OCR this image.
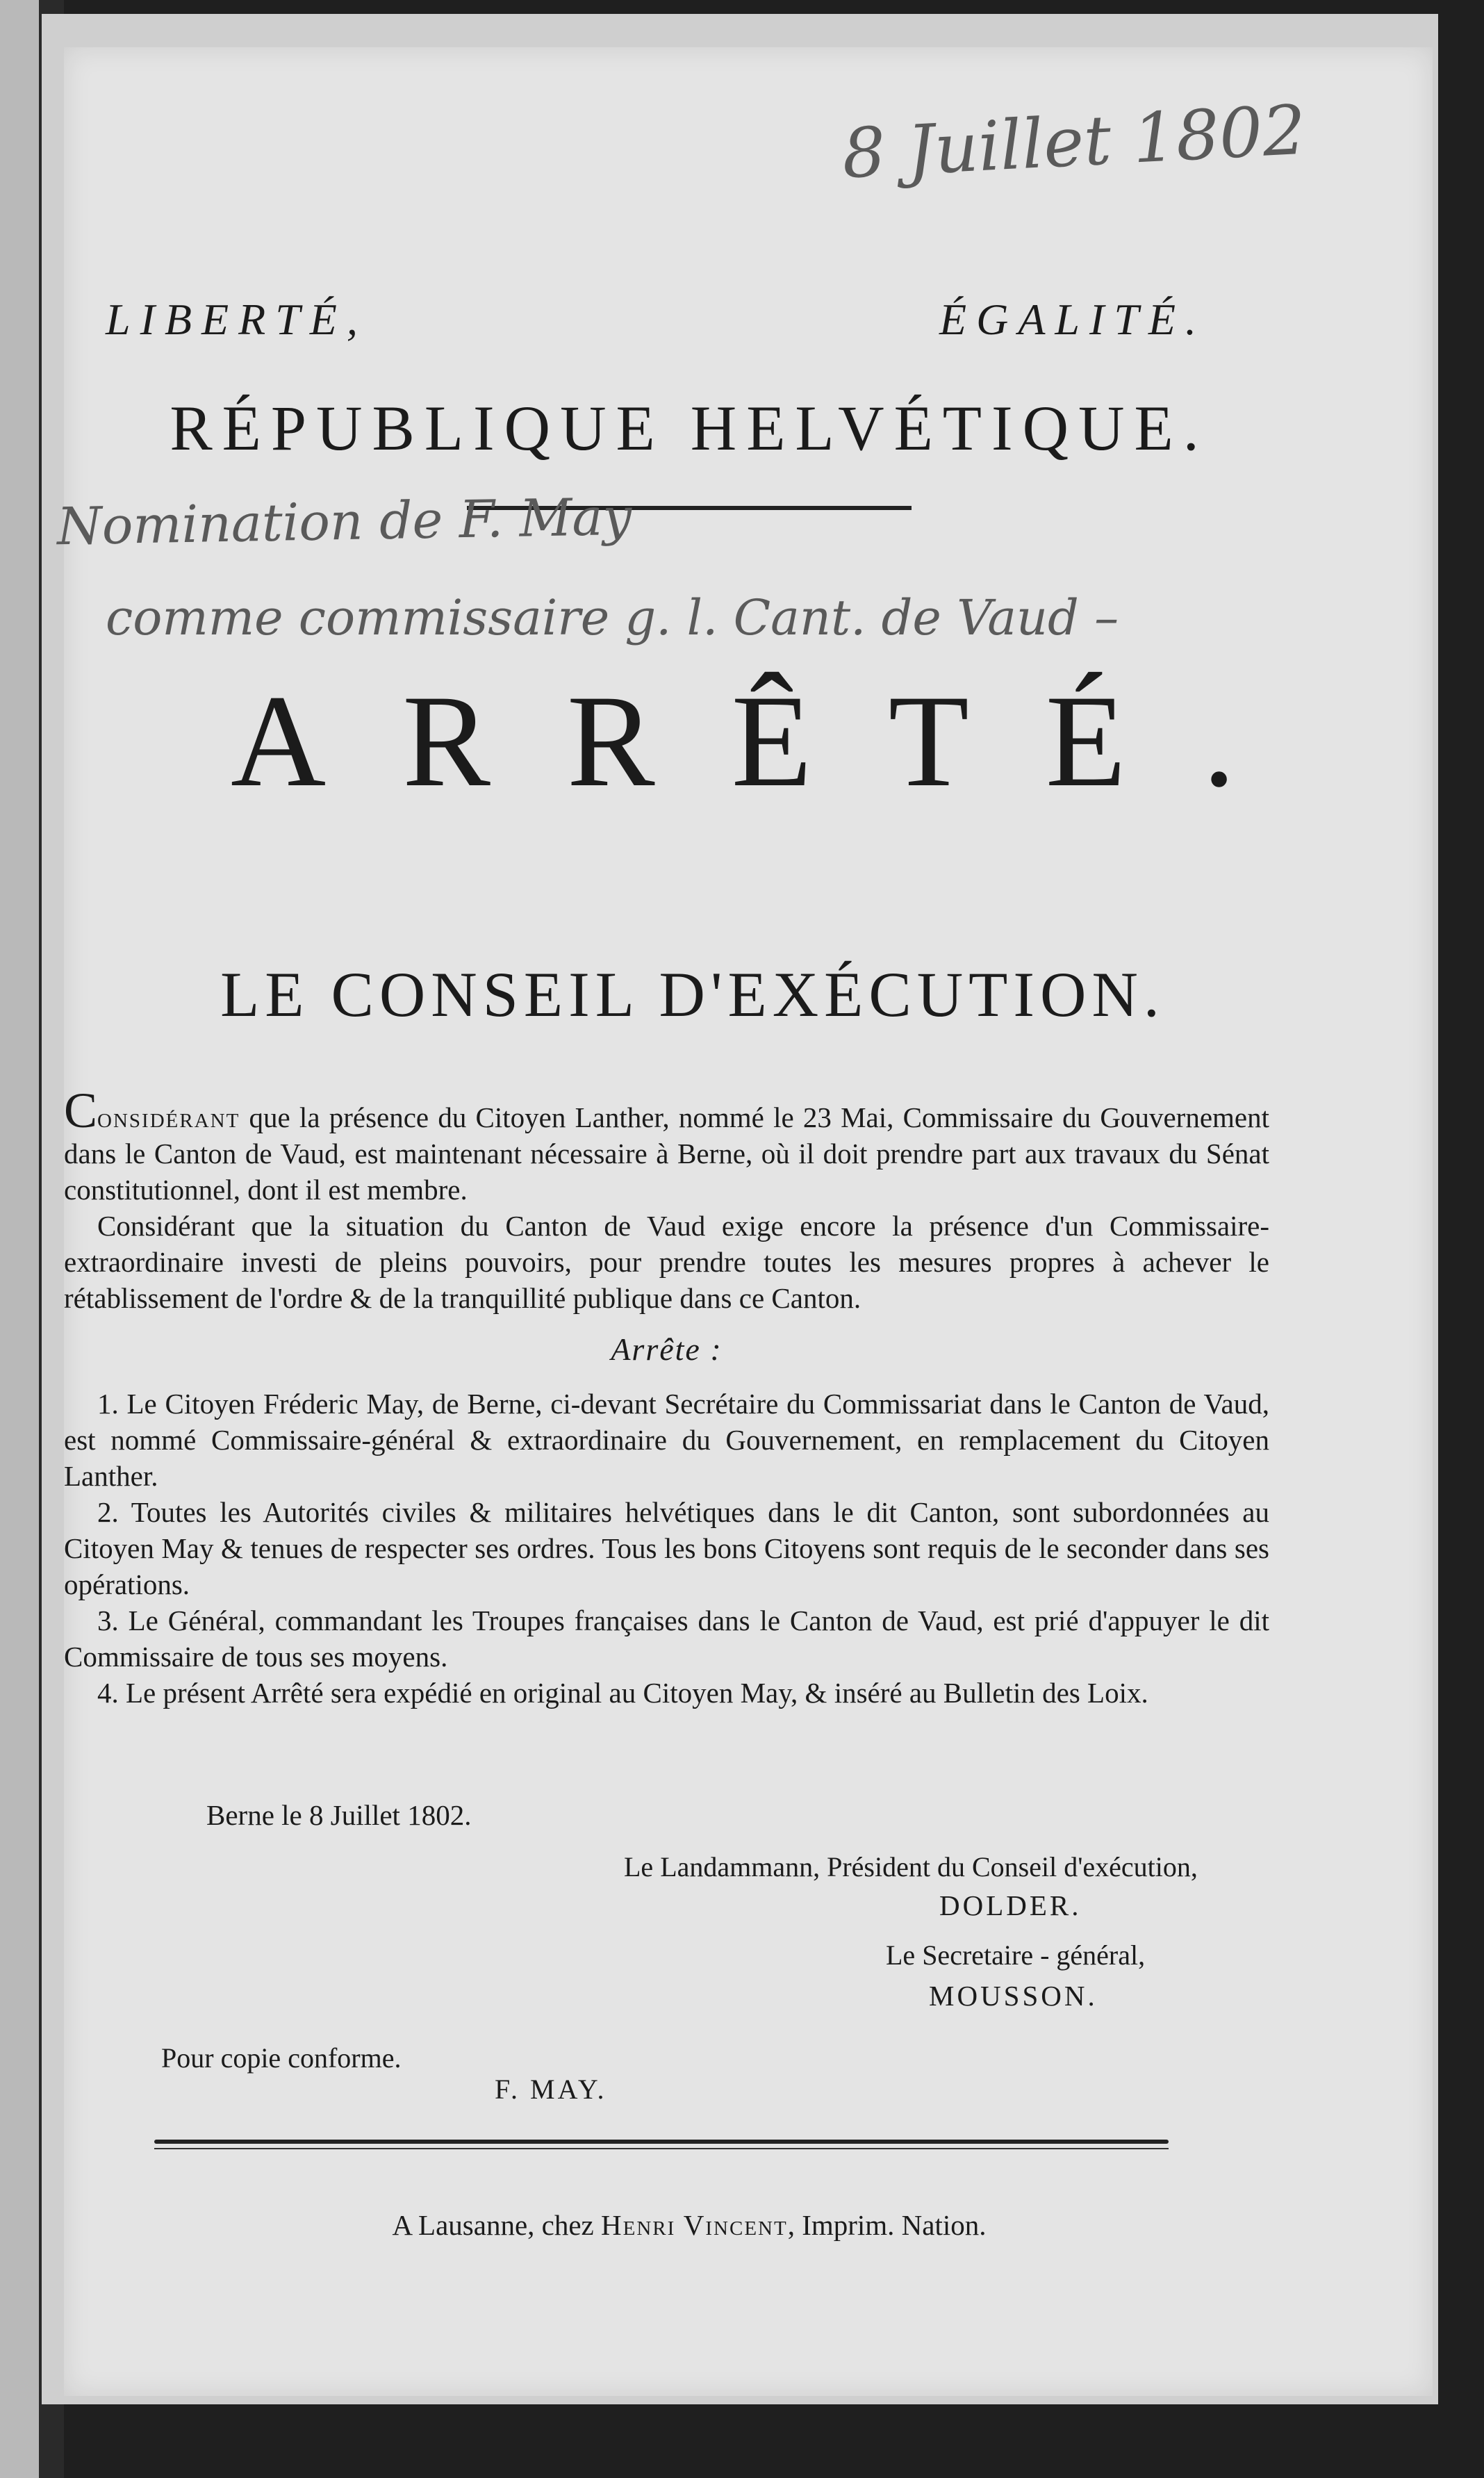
8 Juillet 1802
LIBERTÉ,	ÉGALITÉ.
RÉPUBLIQUE HELVÉTIQUE.
Nomination de F. May
comme commissaire g. l. Cant. de Vaud –
ARRÊTÉ.
LE CONSEIL D'EXÉCUTION.

Considérant que la présence du Citoyen Lanther, nommé le 23 Mai, Commissaire du Gouvernement dans le Canton de Vaud, est maintenant nécessaire à Berne, où il doit prendre part aux travaux du Sénat constitutionnel, dont il est membre.

Considérant que la situation du Canton de Vaud exige encore la présence d'un Commissaire-extraordinaire investi de pleins pouvoirs, pour prendre toutes les mesures propres à achever le rétablissement de l'ordre & de la tranquillité publique dans ce Canton.

Arrête :

1. Le Citoyen Fréderic May, de Berne, ci-devant Secrétaire du Commissariat dans le Canton de Vaud, est nommé Commissaire-général & extraordinaire du Gouvernement, en remplacement du Citoyen Lanther.

2. Toutes les Autorités civiles & militaires helvétiques dans le dit Canton, sont subordonnées au Citoyen May & tenues de respecter ses ordres. Tous les bons Citoyens sont requis de le seconder dans ses opérations.

3. Le Général, commandant les Troupes françaises dans le Canton de Vaud, est prié d'appuyer le dit Commissaire de tous ses moyens.

4. Le présent Arrêté sera expédié en original au Citoyen May, & inséré au Bulletin des Loix.

Berne le 8 Juillet 1802.
Le Landammann, Président du Conseil d'exécution,
DOLDER.
Le Secretaire - général,
MOUSSON.
Pour copie conforme.
F. MAY.
A Lausanne, chez Henri Vincent, Imprim. Nation.
